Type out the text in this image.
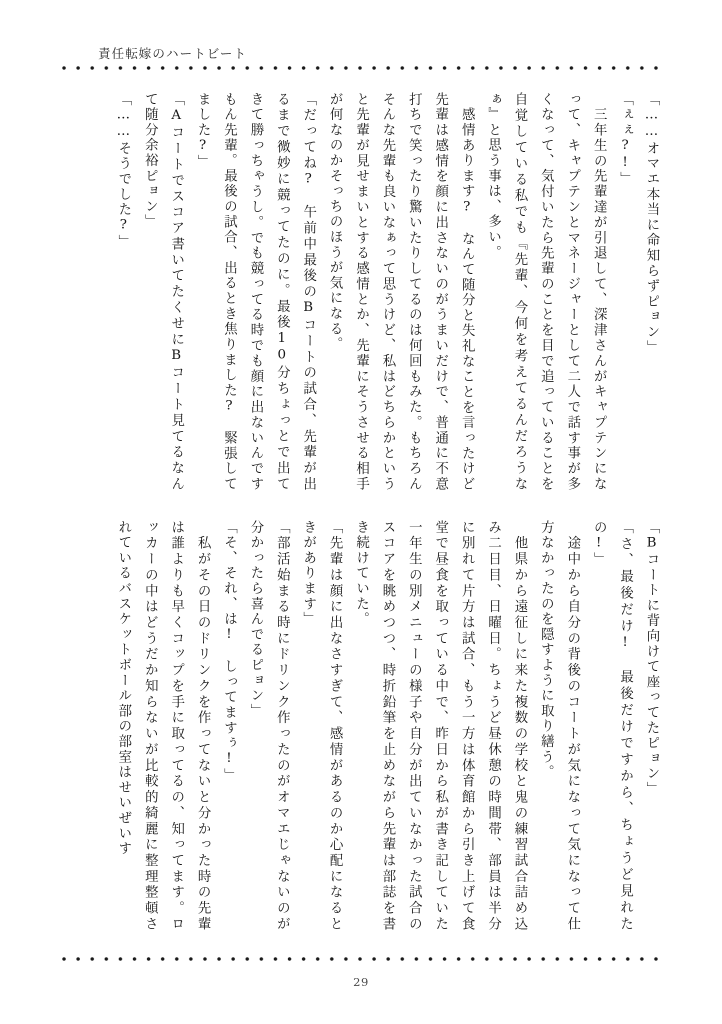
責任転嫁のハートビート

「……オマエ本当に命知らずピョン」

「ぇぇ?!」

　三年生の先輩達が引退して、深津さんがキャプテンになって、キャプテンとマネージャーとして二人で話す事が多くなって、気付いたら先輩のことを目で追っていることを自覚している私でも『先輩、今何を考えてるんだろうなぁ』と思う事は、多い。

　感情あります?　なんて随分と失礼なことを言ったけど先輩は感情を顔に出さないのがうまいだけで、普通に不意打ちで笑ったり驚いたりしてるのは何回もみた。もちろんそんな先輩も良いなぁって思うけど、私はどちらかというと先輩が見せまいとする感情とか、先輩にそうさせる相手が何なのかそっちのほうが気になる。

「だってね?　午前中最後のBコートの試合、先輩が出るまで微妙に競ってたのに。最後10分ちょっとで出てきて勝っちゃうし。でも競ってる時でも顔に出ないんですもん先輩。最後の試合、出るとき焦りました?　緊張してました?」

「Aコートでスコア書いてたくせにBコート見てるなんて随分余裕ピョン」

「……そうでした?」

「Bコートに背向けて座ってたピョン」

「さ、最後だけ!　最後だけですから、ちょうど見れたの!」

　途中から自分の背後のコートが気になって気になって仕方なかったのを隠すように取り繕う。

　他県から遠征しに来た複数の学校と鬼の練習試合詰め込み二日目、日曜日。ちょうど昼休憩の時間帯、部員は半分に別れて片方は試合、もう一方は体育館から引き上げて食堂で昼食を取っている中で、昨日から私が書き記していた一年生の別メニューの様子や自分が出ていなかった試合のスコアを眺めつつ、時折鉛筆を止めながら先輩は部誌を書き続けていた。

「先輩は顔に出なさすぎて、感情があるのか心配になるときがあります」

「部活始まる時にドリンク作ったのがオマエじゃないのが分かったら喜んでるピョン」

「そ、それ、は!　しってますぅ!」

　私がその日のドリンクを作ってないと分かった時の先輩は誰よりも早くコップを手に取ってるの、知ってます。ロッカーの中はどうだか知らないが比較的綺麗に整理整頓されているバスケットボール部の部室はせいぜいす

29
